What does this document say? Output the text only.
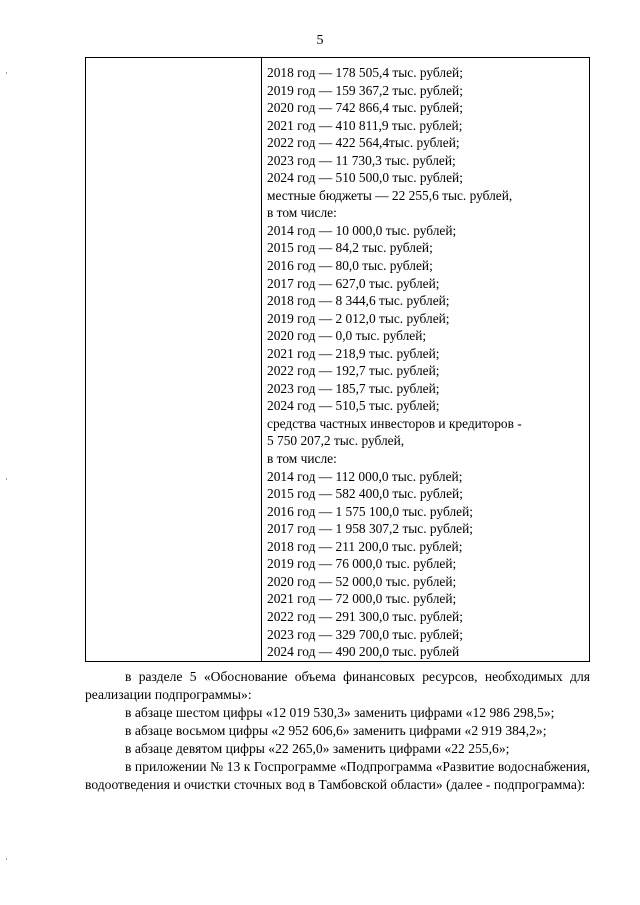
5

2018 год — 178 505,4 тыс. рублей;
2019 год — 159 367,2 тыс. рублей;
2020 год — 742 866,4 тыс. рублей;
2021 год — 410 811,9 тыс. рублей;
2022 год — 422 564,4тыс. рублей;
2023 год — 11 730,3 тыс. рублей;
2024 год — 510 500,0 тыс. рублей;
местные бюджеты — 22 255,6 тыс. рублей,
в том числе:
2014 год — 10 000,0 тыс. рублей;
2015 год — 84,2 тыс. рублей;
2016 год — 80,0 тыс. рублей;
2017 год — 627,0 тыс. рублей;
2018 год — 8 344,6 тыс. рублей;
2019 год — 2 012,0 тыс. рублей;
2020 год — 0,0 тыс. рублей;
2021 год — 218,9 тыс. рублей;
2022 год — 192,7 тыс. рублей;
2023 год — 185,7 тыс. рублей;
2024 год — 510,5 тыс. рублей;
средства частных инвесторов и кредиторов -
5 750 207,2 тыс. рублей,
в том числе:
2014 год — 112 000,0 тыс. рублей;
2015 год — 582 400,0 тыс. рублей;
2016 год — 1 575 100,0 тыс. рублей;
2017 год — 1 958 307,2 тыс. рублей;
2018 год — 211 200,0 тыс. рублей;
2019 год — 76 000,0 тыс. рублей;
2020 год — 52 000,0 тыс. рублей;
2021 год — 72 000,0 тыс. рублей;
2022 год — 291 300,0 тыс. рублей;
2023 год — 329 700,0 тыс. рублей;
2024 год — 490 200,0 тыс. рублей

в разделе 5 «Обоснование объема финансовых ресурсов, необходимых для реализации подпрограммы»:

в абзаце шестом цифры «12 019 530,3» заменить цифрами «12 986 298,5»;

в абзаце восьмом цифры «2 952 606,6» заменить цифрами «2 919 384,2»;

в абзаце девятом цифры «22 265,0» заменить цифрами «22 255,6»;

в приложении № 13 к Госпрограмме «Подпрограмма «Развитие водоснабжения, водоотведения и очистки сточных вод в Тамбовской области» (далее - подпрограмма):
